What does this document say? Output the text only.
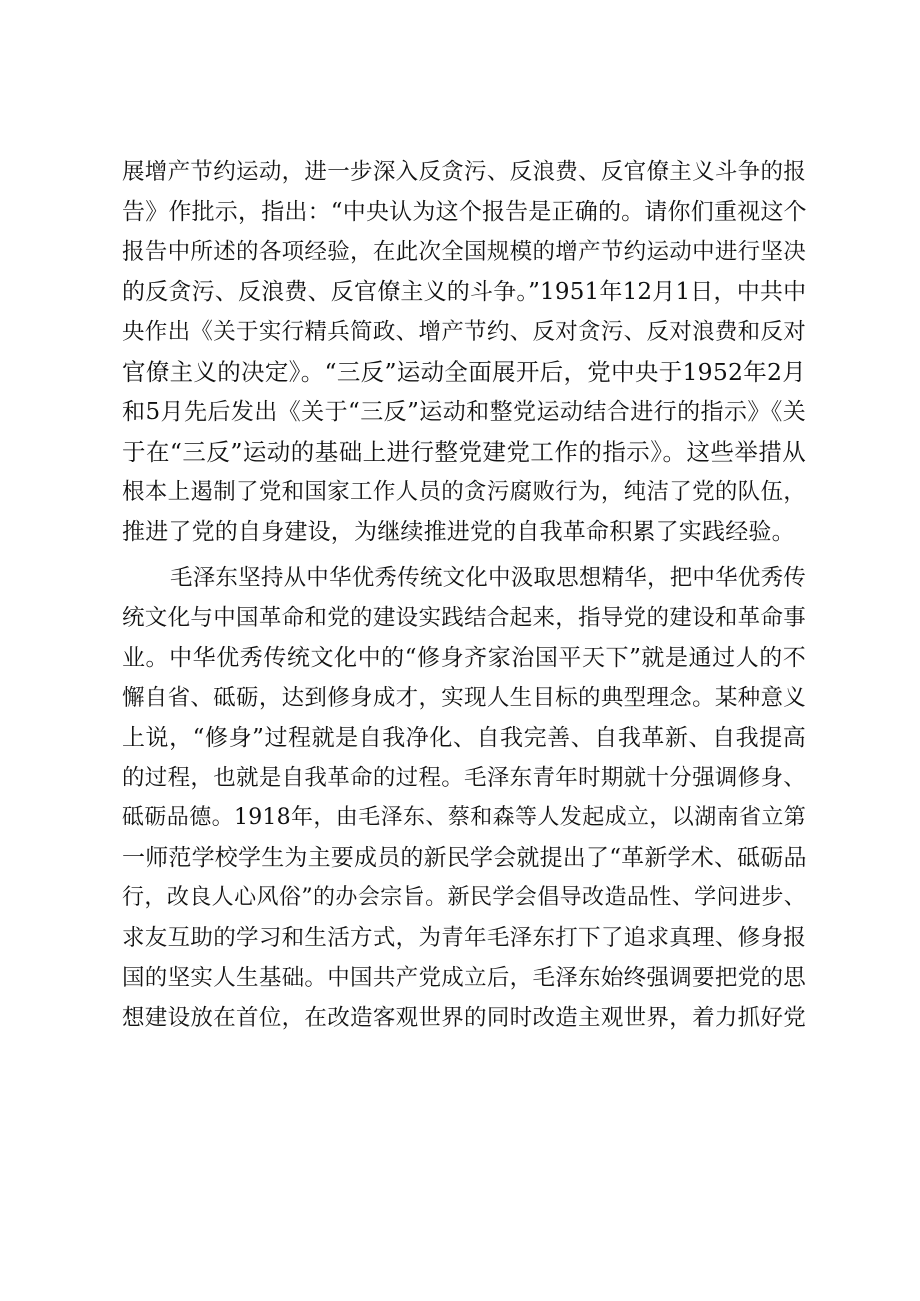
展增产节约运动，进一步深入反贪污、反浪费、反官僚主义斗争的报
告》作批示，指出：“中央认为这个报告是正确的。请你们重视这个
报告中所述的各项经验，在此次全国规模的增产节约运动中进行坚决
的反贪污、反浪费、反官僚主义的斗争。”1951年12月1日，中共中
央作出《关于实行精兵简政、增产节约、反对贪污、反对浪费和反对
官僚主义的决定》。“三反”运动全面展开后，党中央于1952年2月
和5月先后发出《关于“三反”运动和整党运动结合进行的指示》《关
于在“三反”运动的基础上进行整党建党工作的指示》。这些举措从
根本上遏制了党和国家工作人员的贪污腐败行为，纯洁了党的队伍，
推进了党的自身建设，为继续推进党的自我革命积累了实践经验。
毛泽东坚持从中华优秀传统文化中汲取思想精华，把中华优秀传
统文化与中国革命和党的建设实践结合起来，指导党的建设和革命事
业。中华优秀传统文化中的“修身齐家治国平天下”就是通过人的不
懈自省、砥砺，达到修身成才，实现人生目标的典型理念。某种意义
上说，“修身”过程就是自我净化、自我完善、自我革新、自我提高
的过程，也就是自我革命的过程。毛泽东青年时期就十分强调修身、
砥砺品德。1918年，由毛泽东、蔡和森等人发起成立，以湖南省立第
一师范学校学生为主要成员的新民学会就提出了“革新学术、砥砺品
行，改良人心风俗”的办会宗旨。新民学会倡导改造品性、学问进步、
求友互助的学习和生活方式，为青年毛泽东打下了追求真理、修身报
国的坚实人生基础。中国共产党成立后，毛泽东始终强调要把党的思
想建设放在首位，在改造客观世界的同时改造主观世界，着力抓好党
